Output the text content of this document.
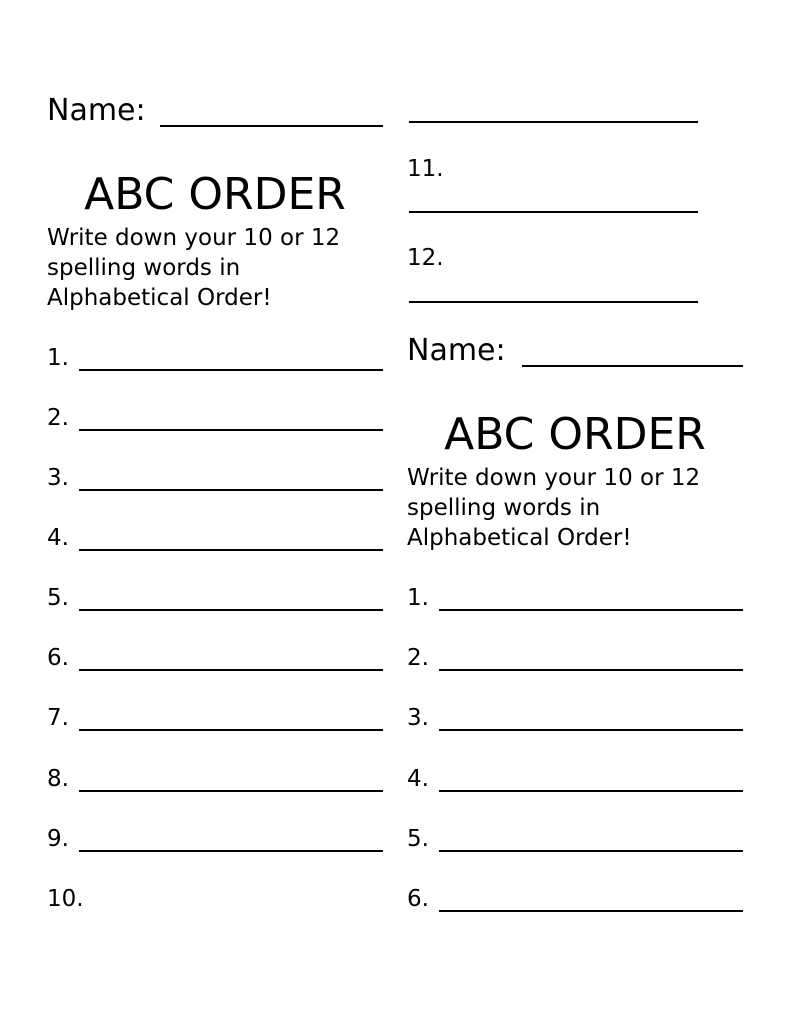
Name:
ABC ORDER
Write down your 10 or 12 spelling words in Alphabetical Order!
1.
2.
3.
4.
5.
6.
7.
8.
9.
10.
11.
12.
Name:
ABC ORDER
Write down your 10 or 12 spelling words in Alphabetical Order!
1.
2.
3.
4.
5.
6.
